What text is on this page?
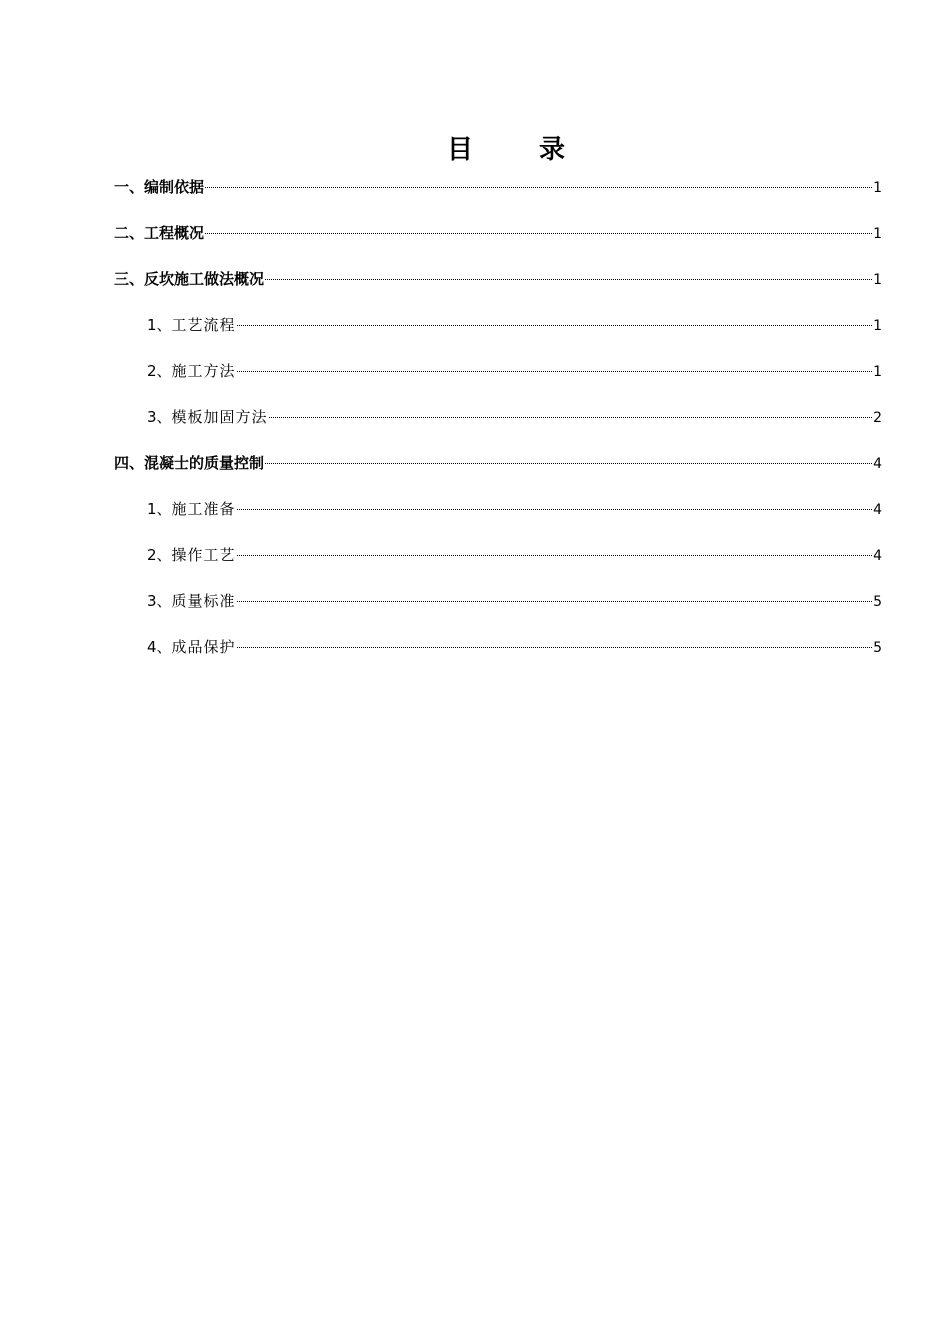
目　录
一、编制依据	1
二、工程概况	1
三、反坎施工做法概况	1
1、工艺流程	1
2、施工方法	1
3、模板加固方法	2
四、混凝士的质量控制	4
1、施工准备	4
2、操作工艺	4
3、质量标准	5
4、成品保护	5
